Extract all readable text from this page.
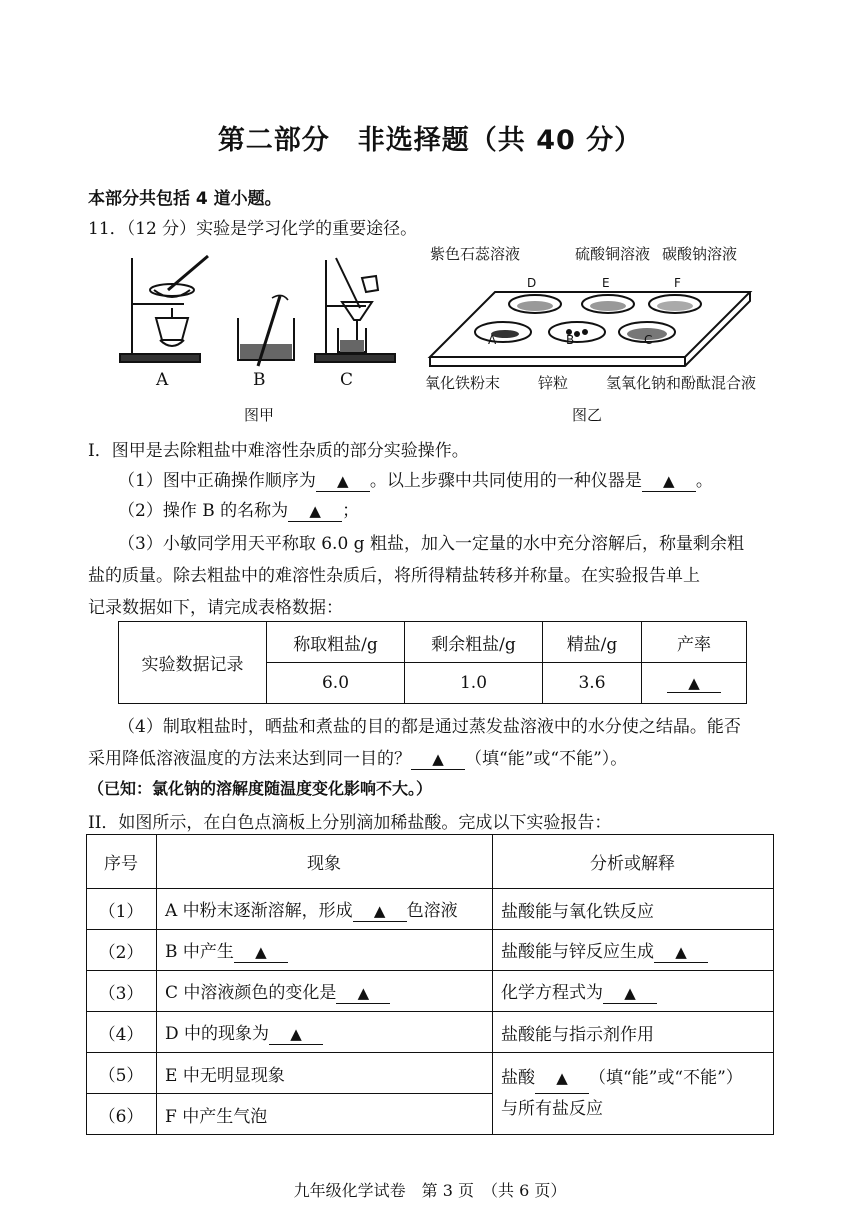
第二部分　非选择题（共 40 分）
本部分共包括 4 道小题。
11．（12 分）实验是学习化学的重要途径。
A	B	C
图甲
紫色石蕊溶液	硫酸铜溶液 碳酸钠溶液
D	E	F
A	B	C
氧化铁粉末	锌粒	氢氧化钠和酚酞混合液
图乙
I．图甲是去除粗盐中难溶性杂质的部分实验操作。
（1）图中正确操作顺序为 ▲ 。以上步骤中共同使用的一种仪器是 ▲ 。
（2）操作 B 的名称为 ▲ ；
（3）小敏同学用天平称取 6.0 g 粗盐，加入一定量的水中充分溶解后，称量剩余粗
盐的质量。除去粗盐中的难溶性杂质后，将所得精盐转移并称量。在实验报告单上
记录数据如下，请完成表格数据：
实验数据记录	称取粗盐/g	剩余粗盐/g	精盐/g	产率
	6.0	1.0	3.6	▲
（4）制取粗盐时，晒盐和煮盐的目的都是通过蒸发盐溶液中的水分使之结晶。能否
采用降低溶液温度的方法来达到同一目的？ ▲ （填“能”或“不能”）。
（已知：氯化钠的溶解度随温度变化影响不大。）
II．如图所示，在白色点滴板上分别滴加稀盐酸。完成以下实验报告：
序号	现象	分析或解释
（1）	A 中粉末逐渐溶解，形成 ▲ 色溶液	盐酸能与氧化铁反应
（2）	B 中产生 ▲	盐酸能与锌反应生成 ▲
（3）	C 中溶液颜色的变化是 ▲	化学方程式为 ▲
（4）	D 中的现象为 ▲	盐酸能与指示剂作用
（5）	E 中无明显现象	盐酸 ▲ （填“能”或“不能”）
与所有盐反应
（6）	F 中产生气泡	
九年级化学试卷　第 3 页　（共 6 页）
